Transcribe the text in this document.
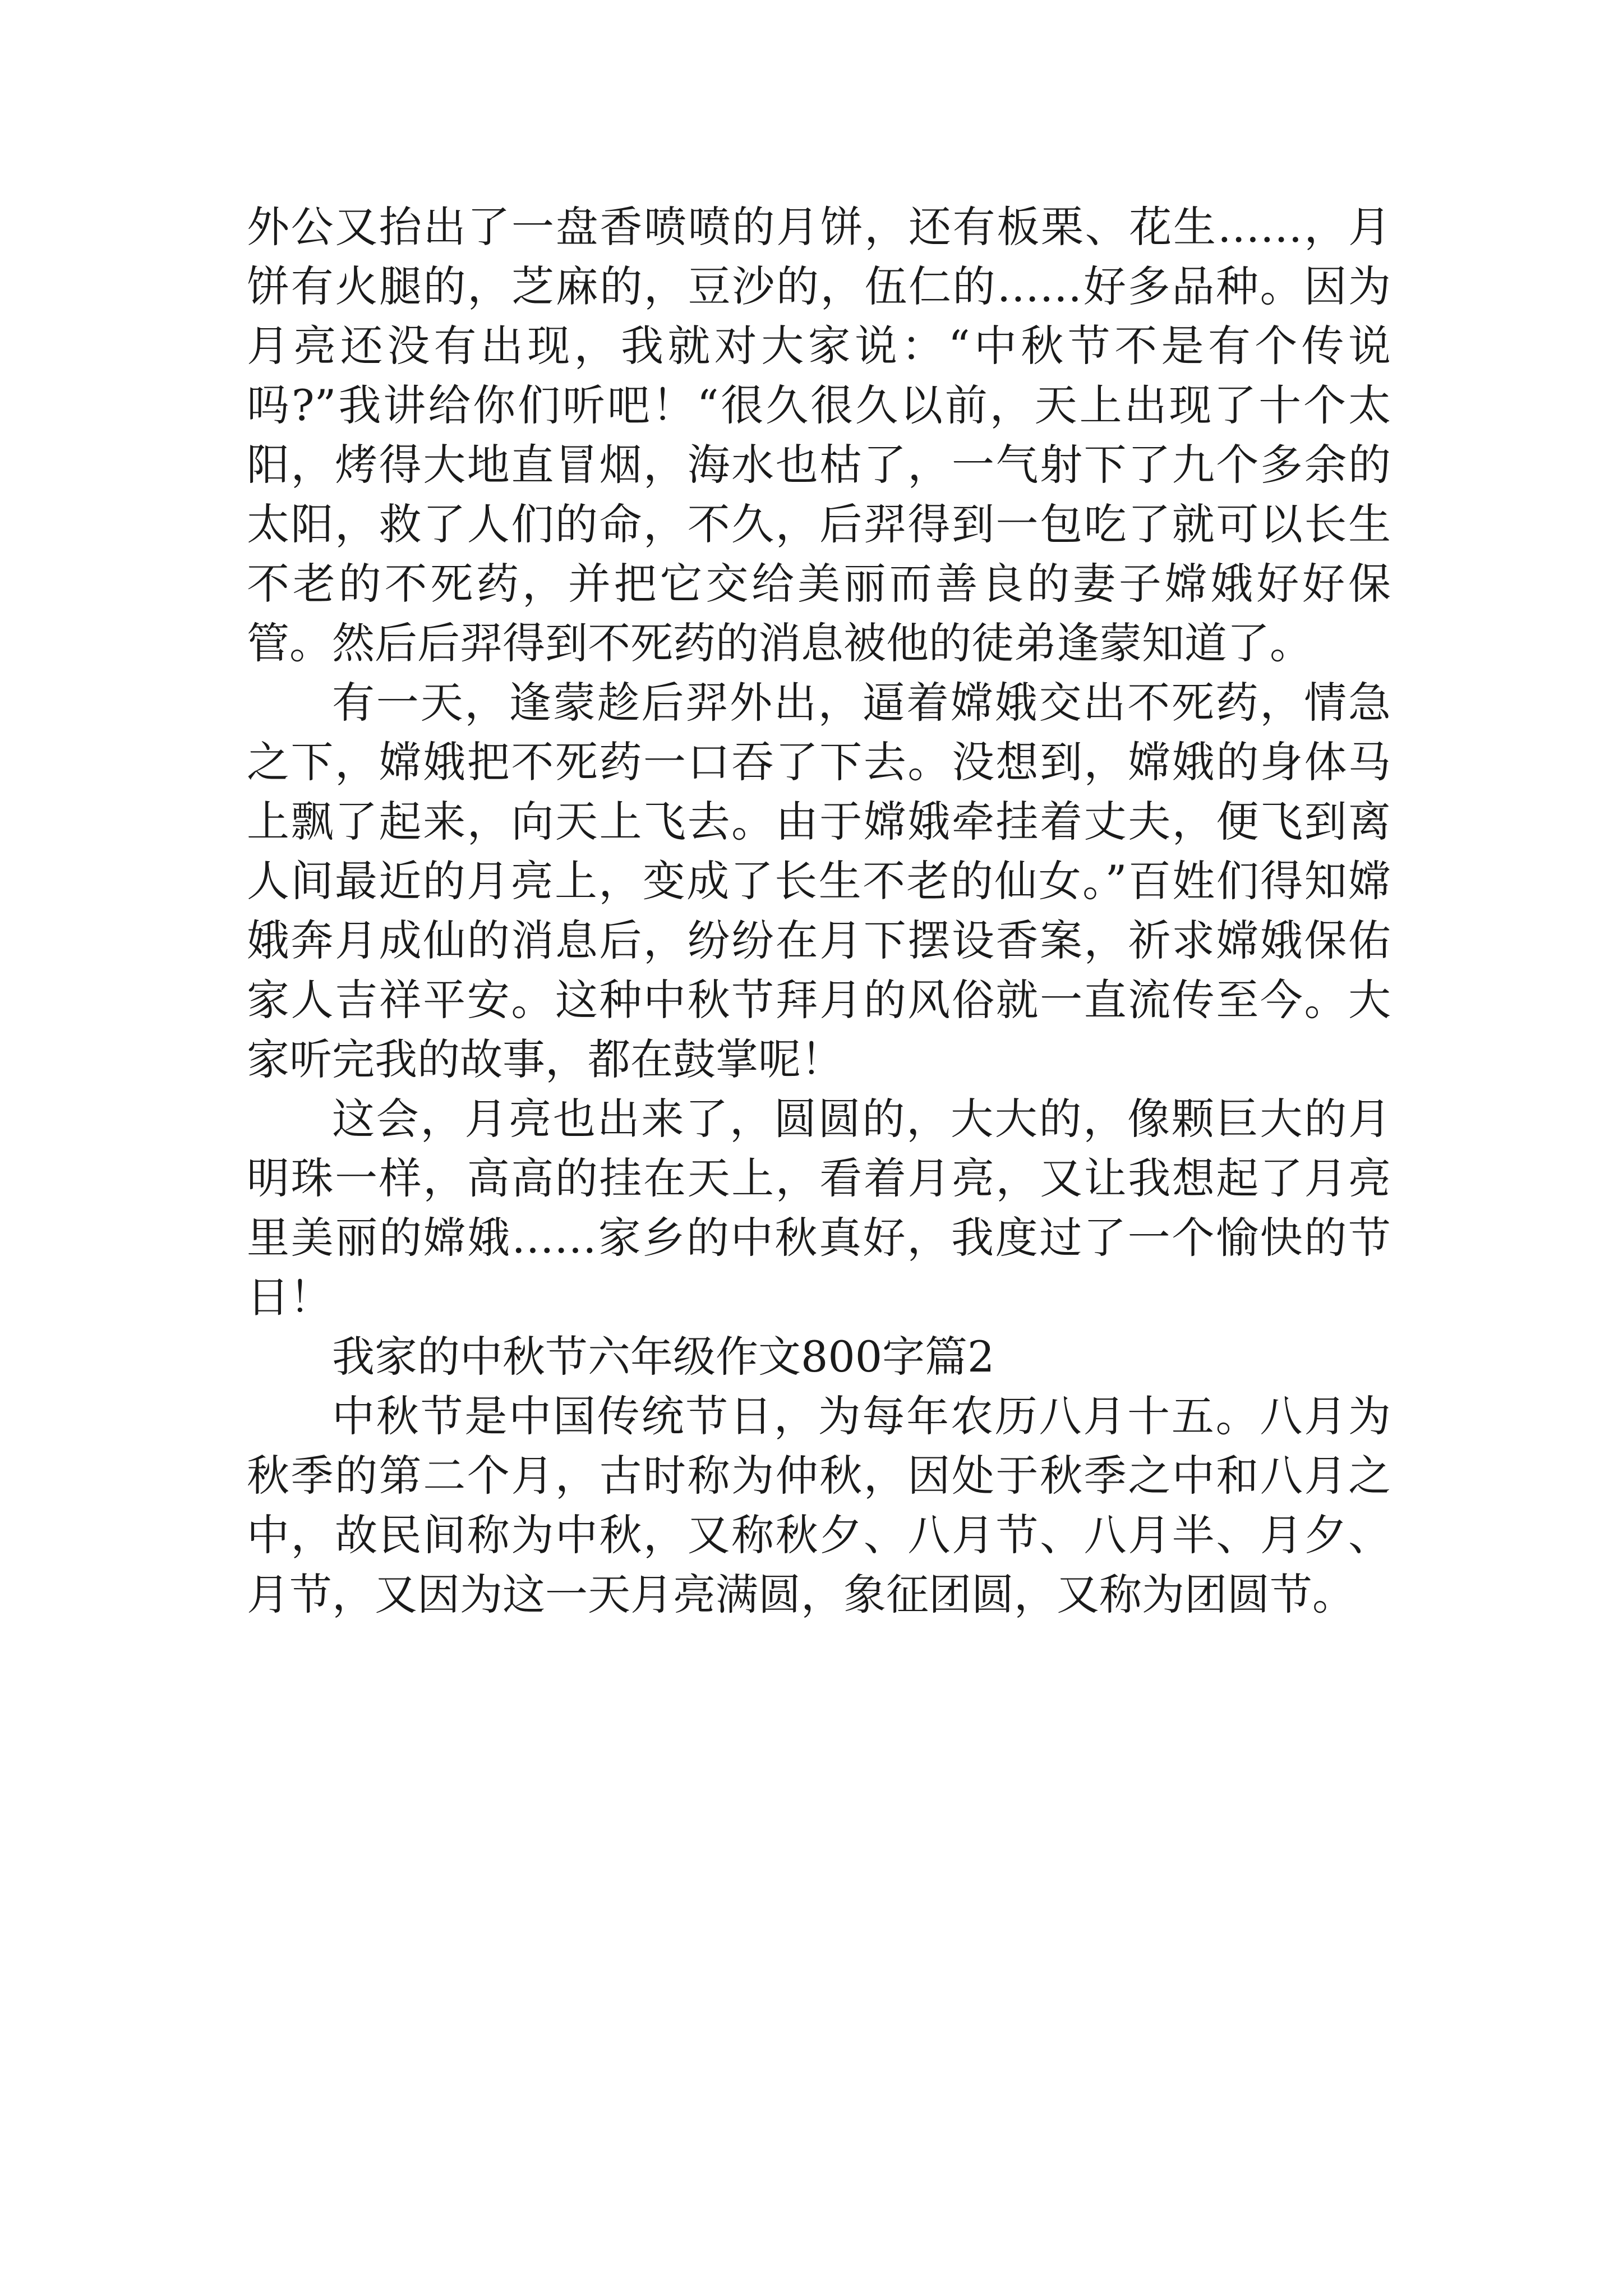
外公又抬出了一盘香喷喷的月饼，还有板栗、花生……，月饼有火腿的，芝麻的，豆沙的，伍仁的……好多品种。因为月亮还没有出现，我就对大家说：“中秋节不是有个传说吗?”我讲给你们听吧！“很久很久以前，天上出现了十个太阳，烤得大地直冒烟，海水也枯了，一气射下了九个多余的太阳，救了人们的命，不久，后羿得到一包吃了就可以长生不老的不死药，并把它交给美丽而善良的妻子嫦娥好好保管。然后后羿得到不死药的消息被他的徒弟逢蒙知道了。

有一天，逢蒙趁后羿外出，逼着嫦娥交出不死药，情急之下，嫦娥把不死药一口吞了下去。没想到，嫦娥的身体马上飘了起来，向天上飞去。由于嫦娥牵挂着丈夫，便飞到离人间最近的月亮上，变成了长生不老的仙女。”百姓们得知嫦娥奔月成仙的消息后，纷纷在月下摆设香案，祈求嫦娥保佑家人吉祥平安。这种中秋节拜月的风俗就一直流传至今。大家听完我的故事，都在鼓掌呢！

这会，月亮也出来了，圆圆的，大大的，像颗巨大的月明珠一样，高高的挂在天上，看着月亮，又让我想起了月亮里美丽的嫦娥……家乡的中秋真好，我度过了一个愉快的节日！

我家的中秋节六年级作文800字篇2

中秋节是中国传统节日，为每年农历八月十五。八月为秋季的第二个月，古时称为仲秋，因处于秋季之中和八月之中，故民间称为中秋，又称秋夕、八月节、八月半、月夕、月节，又因为这一天月亮满圆，象征团圆，又称为团圆节。
